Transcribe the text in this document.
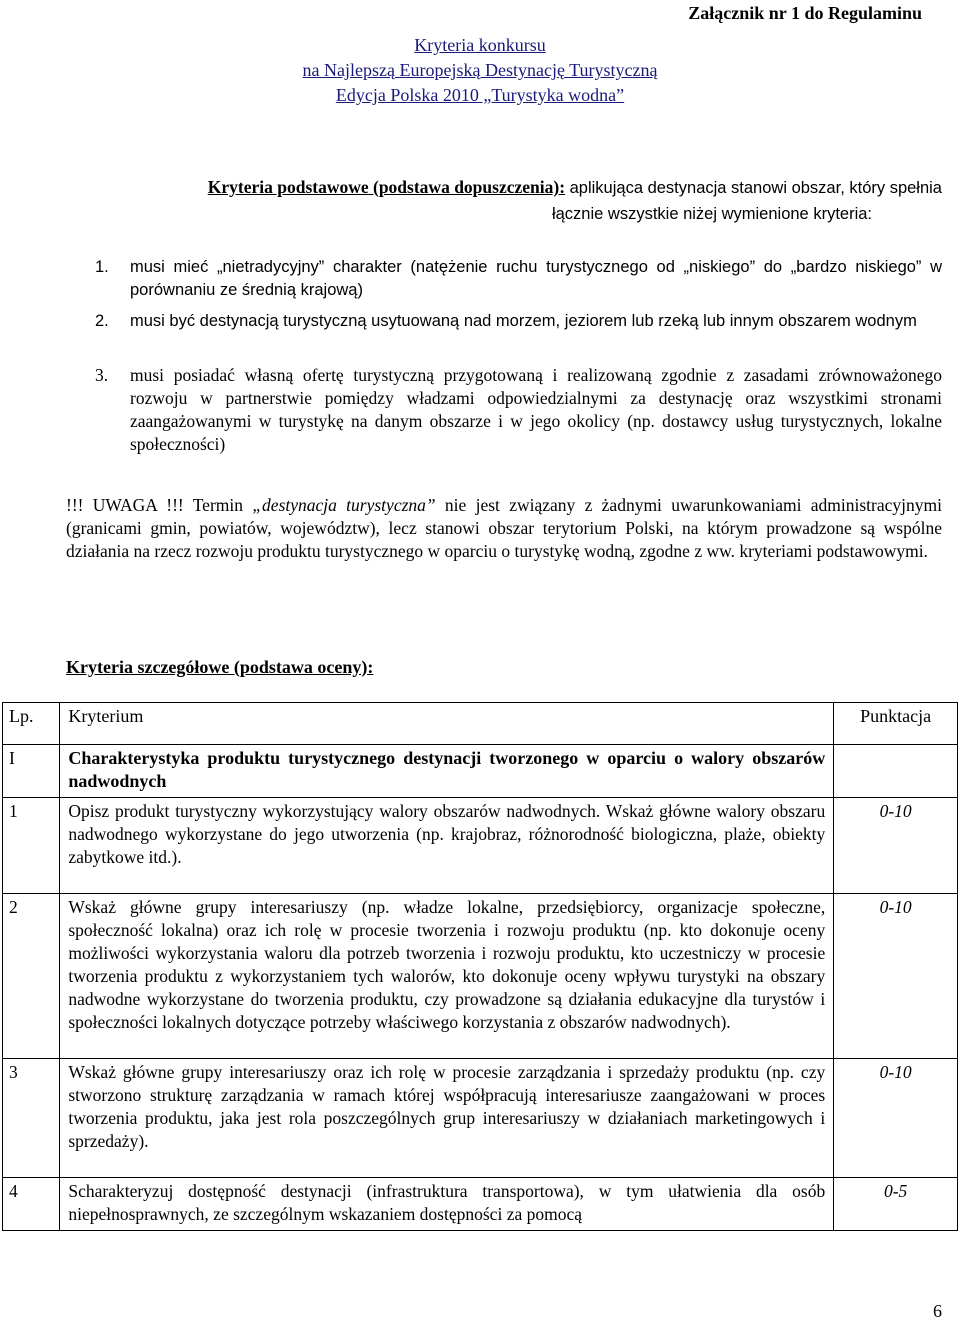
Załącznik nr 1 do Regulaminu
Kryteria konkursu
na Najlepszą Europejską Destynację Turystyczną
Edycja Polska 2010 „Turystyka wodna”
Kryteria podstawowe (podstawa dopuszczenia): aplikująca destynacja stanowi obszar, który spełnia
łącznie wszystkie niżej wymienione kryteria:
1.	musi mieć „nietradycyjny” charakter (natężenie ruchu turystycznego od „niskiego” do „bardzo niskiego” w porównaniu ze średnią krajową)
2.	musi być destynacją turystyczną usytuowaną nad morzem, jeziorem lub rzeką lub innym obszarem wodnym
3.	musi posiadać własną ofertę turystyczną przygotowaną i realizowaną zgodnie z zasadami zrównoważonego rozwoju w partnerstwie pomiędzy władzami odpowiedzialnymi za destynację oraz wszystkimi stronami zaangażowanymi w turystykę na danym obszarze i w jego okolicy (np. dostawcy usług turystycznych, lokalne społeczności)
!!! UWAGA !!! Termin „destynacja turystyczna” nie jest związany z żadnymi uwarunkowaniami administracyjnymi (granicami gmin, powiatów, województw), lecz stanowi obszar terytorium Polski, na którym prowadzone są wspólne działania na rzecz rozwoju produktu turystycznego w oparciu o turystykę wodną, zgodne z ww. kryteriami podstawowymi.
Kryteria szczegółowe (podstawa oceny):
Lp.	Kryterium	Punktacja
I	Charakterystyka produktu turystycznego destynacji tworzonego w oparciu o walory obszarów nadwodnych	
1	Opisz produkt turystyczny wykorzystujący walory obszarów nadwodnych. Wskaż główne walory obszaru nadwodnego wykorzystane do jego utworzenia (np. krajobraz, różnorodność biologiczna, plaże, obiekty zabytkowe itd.).	0-10
2	Wskaż główne grupy interesariuszy (np. władze lokalne, przedsiębiorcy, organizacje społeczne, społeczność lokalna) oraz ich rolę w procesie tworzenia i rozwoju produktu (np. kto dokonuje oceny możliwości wykorzystania waloru dla potrzeb tworzenia i rozwoju produktu, kto uczestniczy w procesie tworzenia produktu z wykorzystaniem tych walorów, kto dokonuje oceny wpływu turystyki na obszary nadwodne wykorzystane do tworzenia produktu, czy prowadzone są działania edukacyjne dla turystów i społeczności lokalnych dotyczące potrzeby właściwego korzystania z obszarów nadwodnych).	0-10
3	Wskaż główne grupy interesariuszy oraz ich rolę w procesie zarządzania i sprzedaży produktu (np. czy stworzono strukturę zarządzania w ramach której współpracują interesariusze zaangażowani w proces tworzenia produktu, jaka jest rola poszczególnych grup interesariuszy w działaniach marketingowych i sprzedaży).	0-10
4	Scharakteryzuj dostępność destynacji (infrastruktura transportowa), w tym ułatwienia dla osób niepełnosprawnych, ze szczególnym wskazaniem dostępności za pomocą	0-5
6
